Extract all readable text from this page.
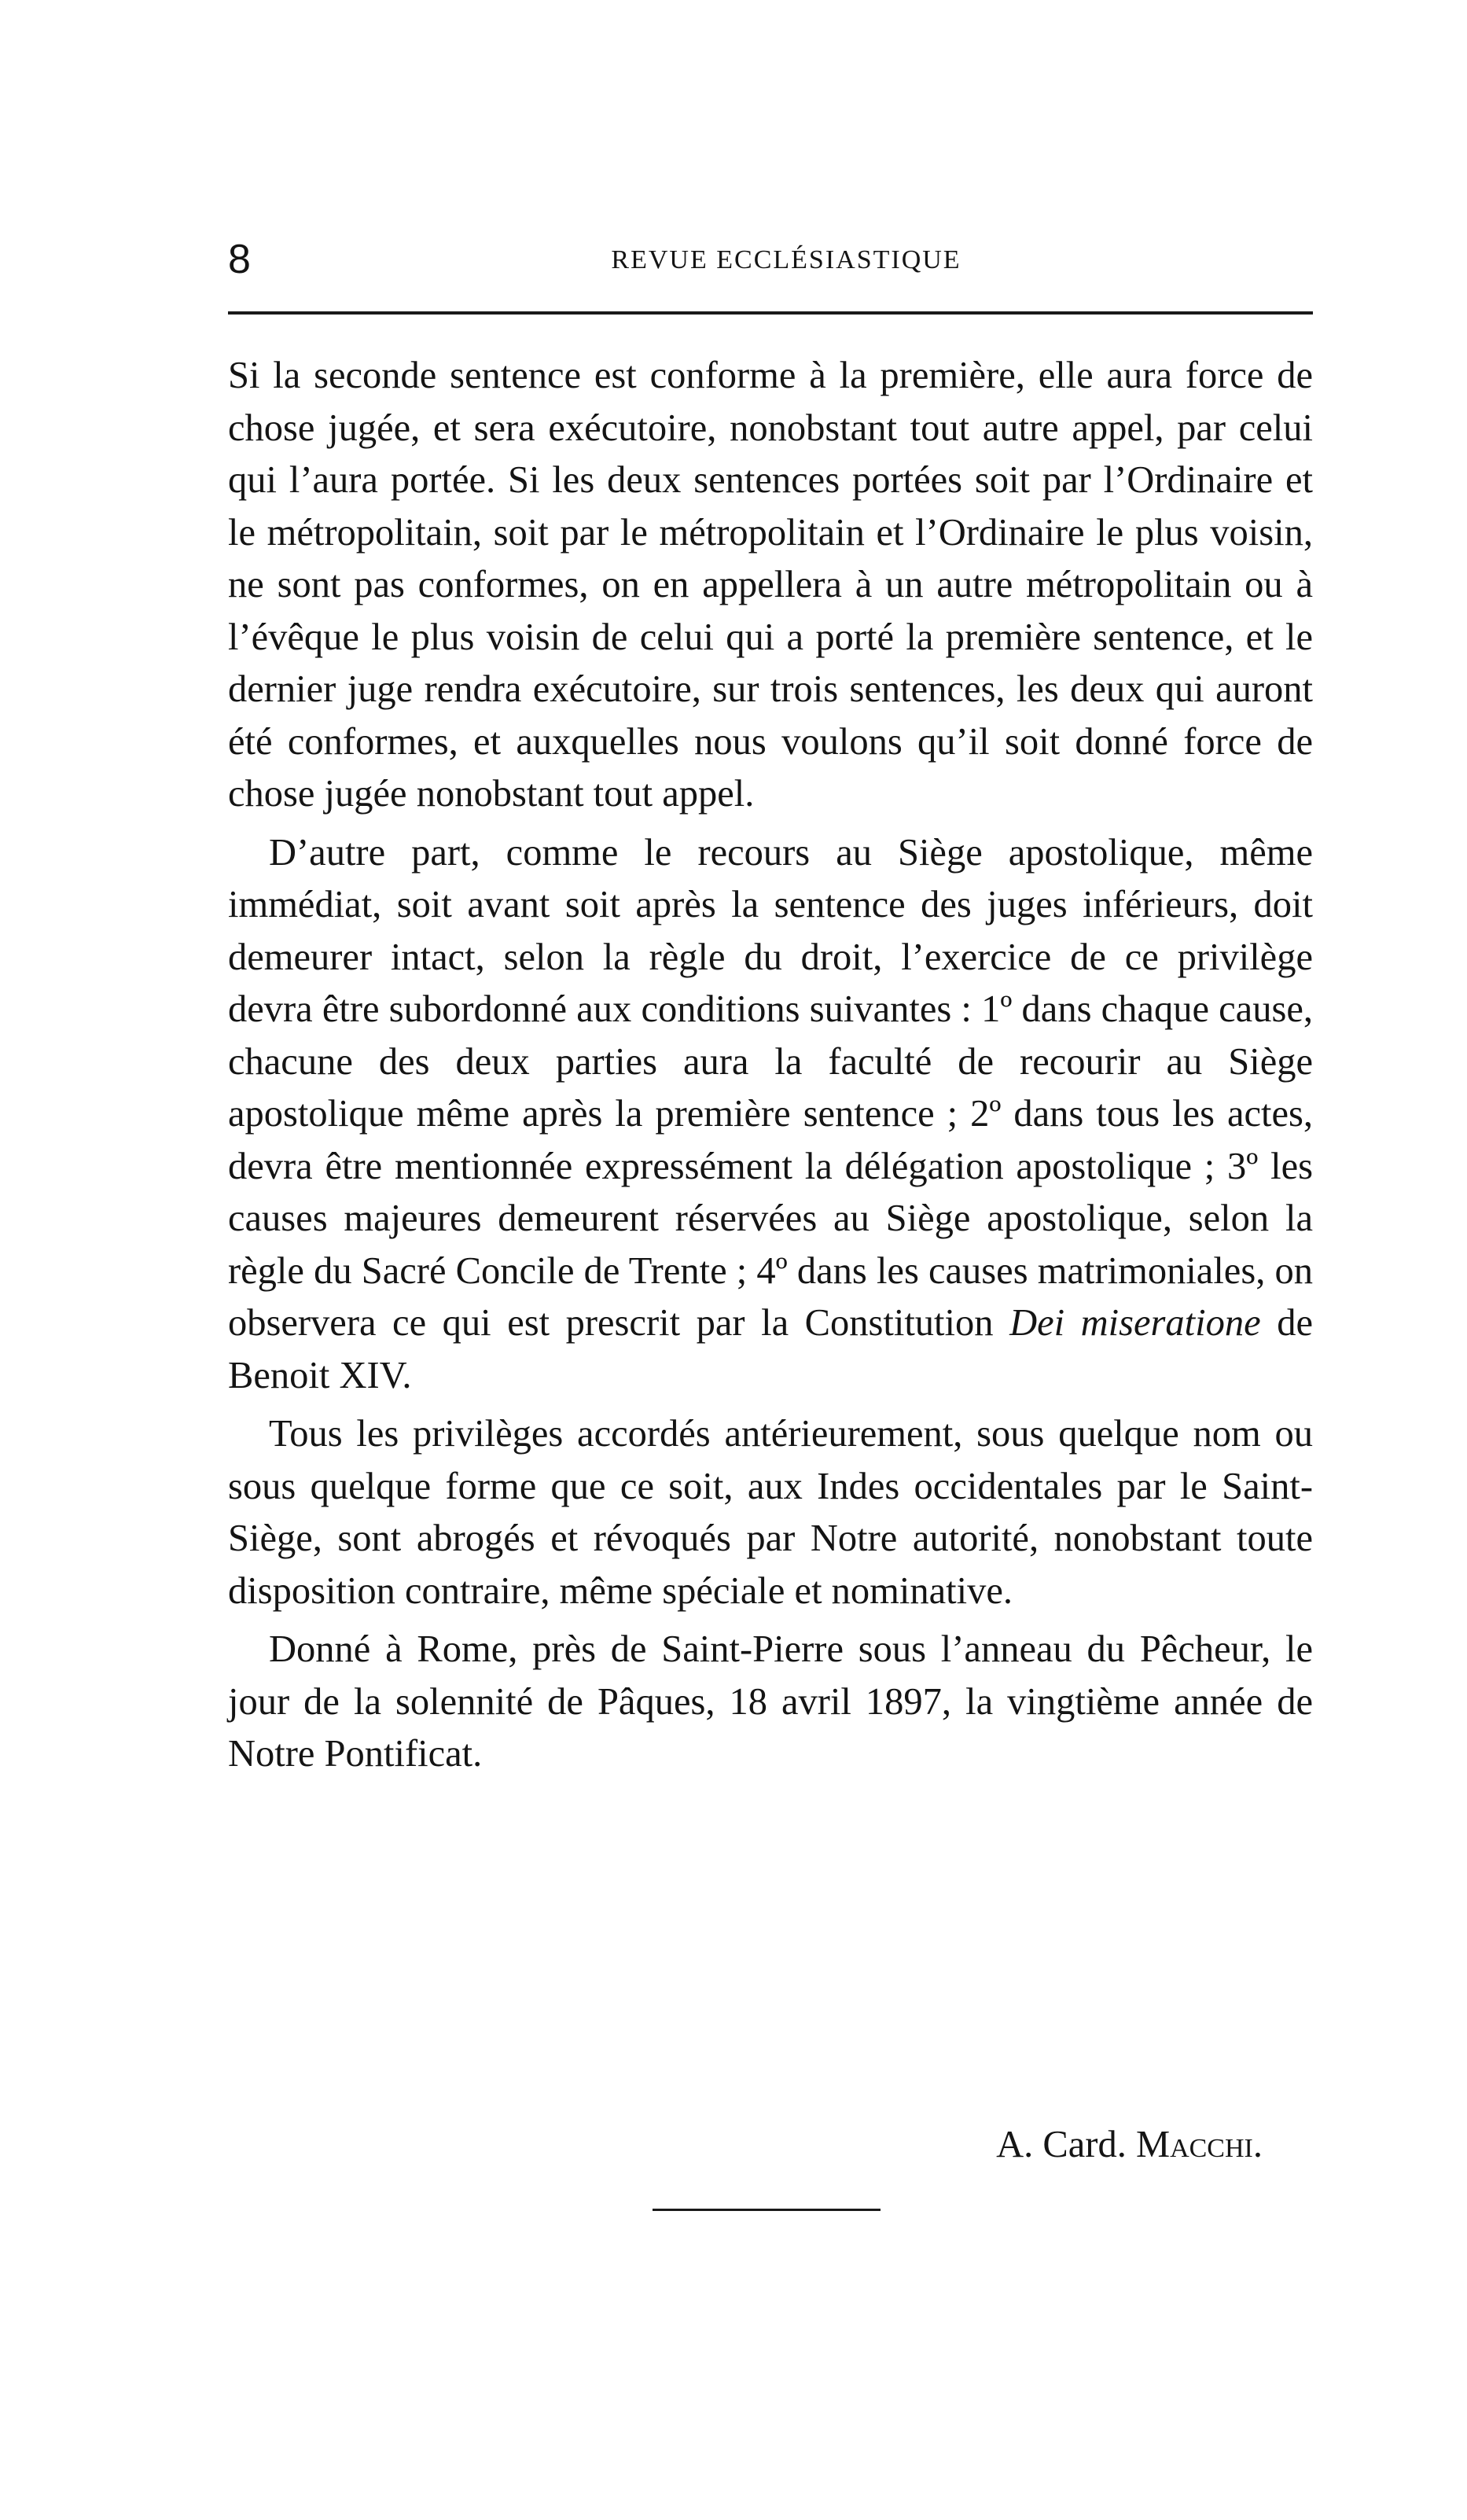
8	REVUE ECCLÉSIASTIQUE

Si la seconde sentence est conforme à la première, elle aura force de chose jugée, et sera exécutoire, nonobstant tout autre appel, par celui qui l’aura portée. Si les deux sentences portées soit par l’Ordinaire et le métropolitain, soit par le métropolitain et l’Ordinaire le plus voisin, ne sont pas conformes, on en appellera à un autre métropolitain ou à l’évêque le plus voisin de celui qui a porté la première sentence, et le dernier juge rendra exécutoire, sur trois sentences, les deux qui auront été conformes, et auxquelles nous voulons qu’il soit donné force de chose jugée nonobstant tout appel.

D’autre part, comme le recours au Siège apostolique, même immédiat, soit avant soit après la sentence des juges inférieurs, doit demeurer intact, selon la règle du droit, l’exercice de ce privilège devra être subordonné aux conditions suivantes : 1º dans chaque cause, chacune des deux parties aura la faculté de recourir au Siège apostolique même après la première sentence ; 2º dans tous les actes, devra être mentionnée expressément la délégation apostolique ; 3º les causes majeures demeurent réservées au Siège apostolique, selon la règle du Sacré Concile de Trente ; 4º dans les causes matrimoniales, on observera ce qui est prescrit par la Constitution Dei miseratione de Benoit XIV.

Tous les privilèges accordés antérieurement, sous quelque nom ou sous quelque forme que ce soit, aux Indes occidentales par le Saint-Siège, sont abrogés et révoqués par Notre autorité, nonobstant toute disposition contraire, même spéciale et nominative.

Donné à Rome, près de Saint-Pierre sous l’anneau du Pêcheur, le jour de la solennité de Pâques, 18 avril 1897, la vingtième année de Notre Pontificat.

A. Card. Macchi.
